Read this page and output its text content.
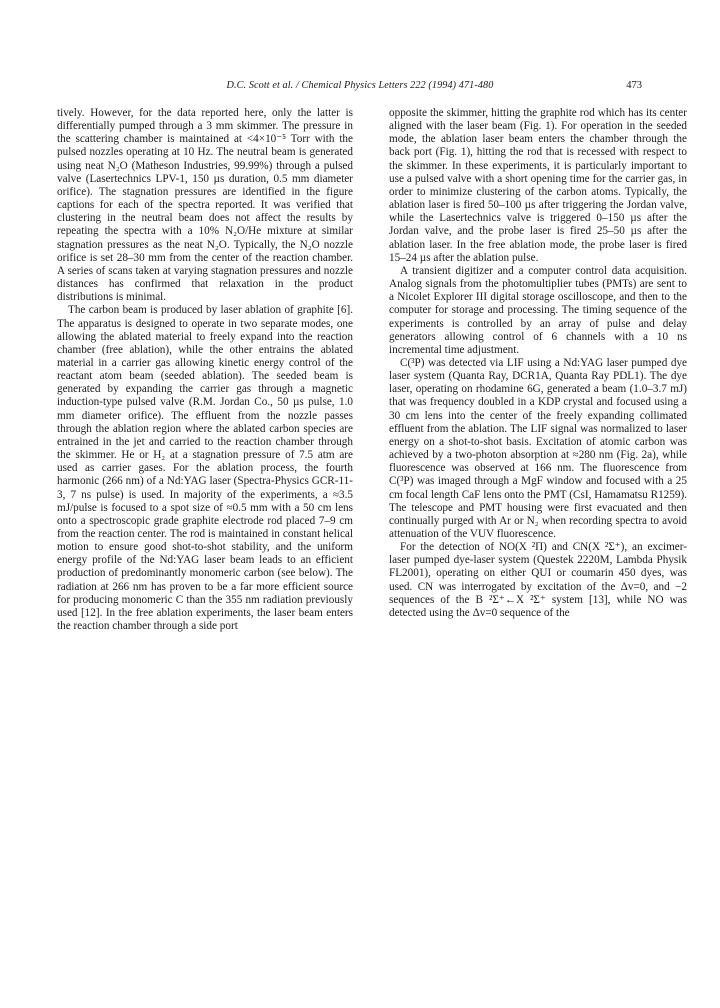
D.C. Scott et al. / Chemical Physics Letters 222 (1994) 471-480	473

tively. However, for the data reported here, only the latter is differentially pumped through a 3 mm skimmer. The pressure in the scattering chamber is maintained at <4×10⁻⁵ Torr with the pulsed nozzles operating at 10 Hz. The neutral beam is generated using neat N₂O (Matheson Industries, 99.99%) through a pulsed valve (Lasertechnics LPV-1, 150 µs duration, 0.5 mm diameter orifice). The stagnation pressures are identified in the figure captions for each of the spectra reported. It was verified that clustering in the neutral beam does not affect the results by repeating the spectra with a 10% N₂O/He mixture at similar stagnation pressures as the neat N₂O. Typically, the N₂O nozzle orifice is set 28–30 mm from the center of the reaction chamber. A series of scans taken at varying stagnation pressures and nozzle distances has confirmed that relaxation in the product distributions is minimal.

The carbon beam is produced by laser ablation of graphite [6]. The apparatus is designed to operate in two separate modes, one allowing the ablated material to freely expand into the reaction chamber (free ablation), while the other entrains the ablated material in a carrier gas allowing kinetic energy control of the reactant atom beam (seeded ablation). The seeded beam is generated by expanding the carrier gas through a magnetic induction-type pulsed valve (R.M. Jordan Co., 50 µs pulse, 1.0 mm diameter orifice). The effluent from the nozzle passes through the ablation region where the ablated carbon species are entrained in the jet and carried to the reaction chamber through the skimmer. He or H₂ at a stagnation pressure of 7.5 atm are used as carrier gases. For the ablation process, the fourth harmonic (266 nm) of a Nd:YAG laser (Spectra-Physics GCR-11-3, 7 ns pulse) is used. In majority of the experiments, a ≈3.5 mJ/pulse is focused to a spot size of ≈0.5 mm with a 50 cm lens onto a spectroscopic grade graphite electrode rod placed 7–9 cm from the reaction center. The rod is maintained in constant helical motion to ensure good shot-to-shot stability, and the uniform energy profile of the Nd:YAG laser beam leads to an efficient production of predominantly monomeric carbon (see below). The radiation at 266 nm has proven to be a far more efficient source for producing monomeric C than the 355 nm radiation previously used [12]. In the free ablation experiments, the laser beam enters the reaction chamber through a side port

opposite the skimmer, hitting the graphite rod which has its center aligned with the laser beam (Fig. 1). For operation in the seeded mode, the ablation laser beam enters the chamber through the back port (Fig. 1), hitting the rod that is recessed with respect to the skimmer. In these experiments, it is particularly important to use a pulsed valve with a short opening time for the carrier gas, in order to minimize clustering of the carbon atoms. Typically, the ablation laser is fired 50–100 µs after triggering the Jordan valve, while the Lasertechnics valve is triggered 0–150 µs after the Jordan valve, and the probe laser is fired 25–50 µs after the ablation laser. In the free ablation mode, the probe laser is fired 15–24 µs after the ablation pulse.

A transient digitizer and a computer control data acquisition. Analog signals from the photomultiplier tubes (PMTs) are sent to a Nicolet Explorer III digital storage oscilloscope, and then to the computer for storage and processing. The timing sequence of the experiments is controlled by an array of pulse and delay generators allowing control of 6 channels with a 10 ns incremental time adjustment.

C(³P) was detected via LIF using a Nd:YAG laser pumped dye laser system (Quanta Ray, DCR1A, Quanta Ray PDL1). The dye laser, operating on rhodamine 6G, generated a beam (1.0–3.7 mJ) that was frequency doubled in a KDP crystal and focused using a 30 cm lens into the center of the freely expanding collimated effluent from the ablation. The LIF signal was normalized to laser energy on a shot-to-shot basis. Excitation of atomic carbon was achieved by a two-photon absorption at ≈280 nm (Fig. 2a), while fluorescence was observed at 166 nm. The fluorescence from C(³P) was imaged through a MgF window and focused with a 25 cm focal length CaF lens onto the PMT (CsI, Hamamatsu R1259). The telescope and PMT housing were first evacuated and then continually purged with Ar or N₂ when recording spectra to avoid attenuation of the VUV fluorescence.

For the detection of NO(X ²Π) and CN(X ²Σ⁺), an excimer-laser pumped dye-laser system (Questek 2220M, Lambda Physik FL2001), operating on either QUI or coumarin 450 dyes, was used. CN was interrogated by excitation of the Δv=0, and −2 sequences of the B ²Σ⁺←X ²Σ⁺ system [13], while NO was detected using the Δv=0 sequence of the
